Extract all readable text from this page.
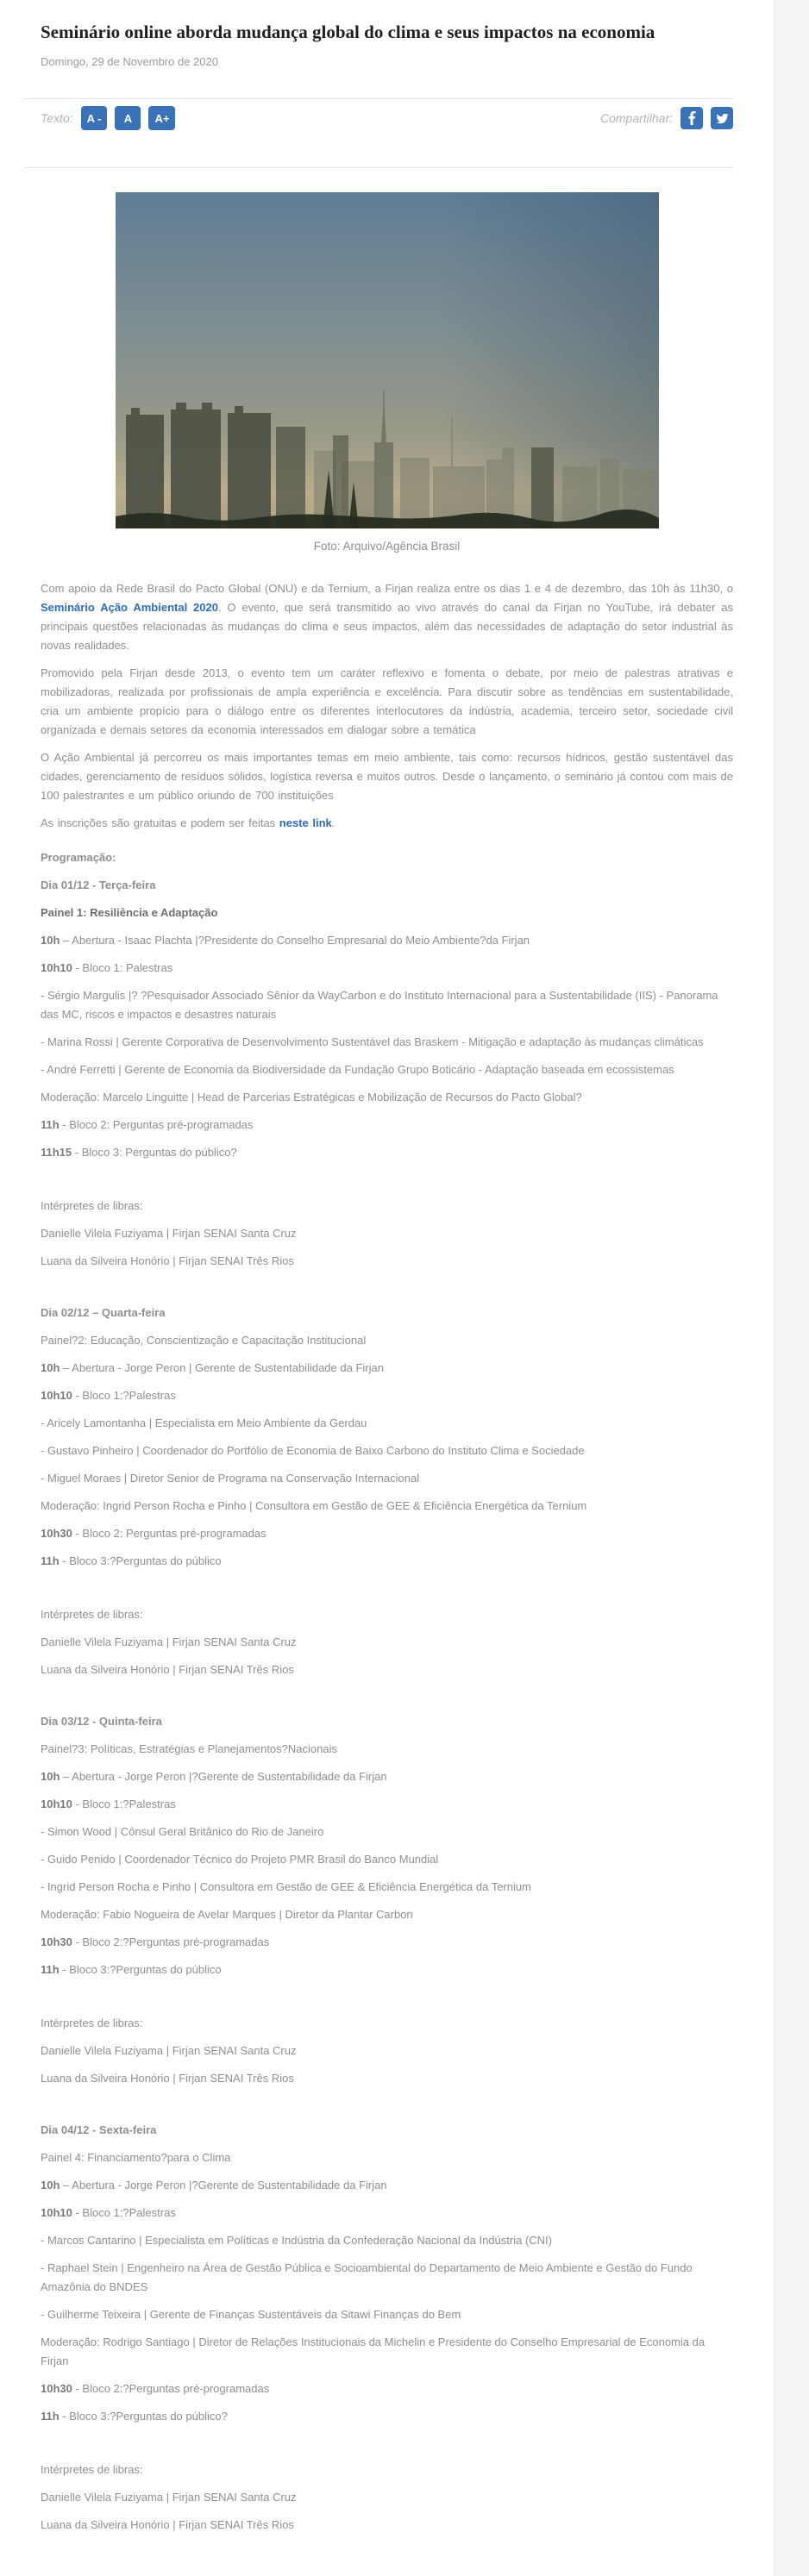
Seminário online aborda mudança global do clima e seus impactos na economia
Domingo, 29 de Novembro de 2020
Texto:	A -	A	A+	Compartilhar:
Foto: Arquivo/Agência Brasil

Com apoio da Rede Brasil do Pacto Global (ONU) e da Ternium, a Firjan realiza entre os dias 1 e 4 de dezembro, das 10h às 11h30, o Seminário Ação Ambiental 2020. O evento, que será transmitido ao vivo através do canal da Firjan no YouTube, irá debater as principais questões relacionadas às mudanças do clima e seus impactos, além das necessidades de adaptação do setor industrial às novas realidades.

Promovido pela Firjan desde 2013, o evento tem um caráter reflexivo e fomenta o debate, por meio de palestras atrativas e mobilizadoras, realizada por profissionais de ampla experiência e excelência. Para discutir sobre as tendências em sustentabilidade, cria um ambiente propício para o diálogo entre os diferentes interlocutores da indústria, academia, terceiro setor, sociedade civil organizada e demais setores da economia interessados em dialogar sobre a temática

O Ação Ambiental já percorreu os mais importantes temas em meio ambiente, tais como: recursos hídricos, gestão sustentável das cidades, gerenciamento de resíduos sólidos, logística reversa e muitos outros. Desde o lançamento, o seminário já contou com mais de 100 palestrantes e um público oriundo de 700 instituições

As inscrições são gratuitas e podem ser feitas neste link.

Programação:

Dia 01/12 - Terça-feira

Painel 1: Resiliência e Adaptação

10h – Abertura - Isaac Plachta |?Presidente do Conselho Empresarial do Meio Ambiente?da Firjan

10h10 - Bloco 1: Palestras

- Sérgio Margulis |? ?Pesquisador Associado Sênior da WayCarbon e do Instituto Internacional para a Sustentabilidade (IIS) - Panorama das MC, riscos e impactos e desastres naturais

- Marina Rossi | Gerente Corporativa de Desenvolvimento Sustentável das Braskem - Mitigação e adaptação às mudanças climáticas

- André Ferretti | Gerente de Economia da Biodiversidade da Fundação Grupo Boticário - Adaptação baseada em ecossistemas

Moderação: Marcelo Linguitte | Head de Parcerias Estratégicas e Mobilização de Recursos do Pacto Global?

11h - Bloco 2: Perguntas pré-programadas

11h15 - Bloco 3: Perguntas do público?

Intérpretes de libras:

Danielle Vilela Fuziyama | Firjan SENAI Santa Cruz

Luana da Silveira Honório | Firjan SENAI Três Rios

Dia 02/12 – Quarta-feira

Painel?2: Educação, Conscientização e Capacitação Institucional

10h – Abertura - Jorge Peron | Gerente de Sustentabilidade da Firjan

10h10 - Bloco 1:?Palestras

- Aricely Lamontanha | Especialista em Meio Ambiente da Gerdau

- Gustavo Pinheiro | Coordenador do Portfólio de Economia de Baixo Carbono do Instituto Clima e Sociedade

- Miguel Moraes | Diretor Senior de Programa na Conservação Internacional

Moderação: Ingrid Person Rocha e Pinho | Consultora em Gestão de GEE & Eficiência Energética da Ternium

10h30 - Bloco 2: Perguntas pré-programadas

11h - Bloco 3:?Perguntas do público

Intérpretes de libras:

Danielle Vilela Fuziyama | Firjan SENAI Santa Cruz

Luana da Silveira Honório | Firjan SENAI Três Rios

Dia 03/12 - Quinta-feira

Painel?3: Políticas, Estratégias e Planejamentos?Nacionais

10h – Abertura - Jorge Peron |?Gerente de Sustentabilidade da Firjan

10h10 - Bloco 1:?Palestras

- Simon Wood | Cônsul Geral Britânico do Rio de Janeiro

- Guido Penido | Coordenador Técnico do Projeto PMR Brasil do Banco Mundial

- Ingrid Person Rocha e Pinho | Consultora em Gestão de GEE & Eficiência Energética da Ternium

Moderação: Fabio Nogueira de Avelar Marques | Diretor da Plantar Carbon

10h30 - Bloco 2:?Perguntas pré-programadas

11h - Bloco 3:?Perguntas do público

Intérpretes de libras:

Danielle Vilela Fuziyama | Firjan SENAI Santa Cruz

Luana da Silveira Honório | Firjan SENAI Três Rios

Dia 04/12 - Sexta-feira

Painel 4: Financiamento?para o Clima

10h – Abertura - Jorge Peron |?Gerente de Sustentabilidade da Firjan

10h10 - Bloco 1:?Palestras

- Marcos Cantarino | Especialista em Políticas e Indústria da Confederação Nacional da Indústria (CNI)

- Raphael Stein | Engenheiro na Área de Gestão Pública e Socioambiental do Departamento de Meio Ambiente e Gestão do Fundo Amazônia do BNDES

- Guilherme Teixeira | Gerente de Finanças Sustentáveis da Sitawi Finanças do Bem

Moderação: Rodrigo Santiago | Diretor de Relações Institucionais da Michelin e Presidente do Conselho Empresarial de Economia da Firjan

10h30 - Bloco 2:?Perguntas pré-programadas

11h - Bloco 3:?Perguntas do público?

Intérpretes de libras:

Danielle Vilela Fuziyama | Firjan SENAI Santa Cruz

Luana da Silveira Honório | Firjan SENAI Três Rios
